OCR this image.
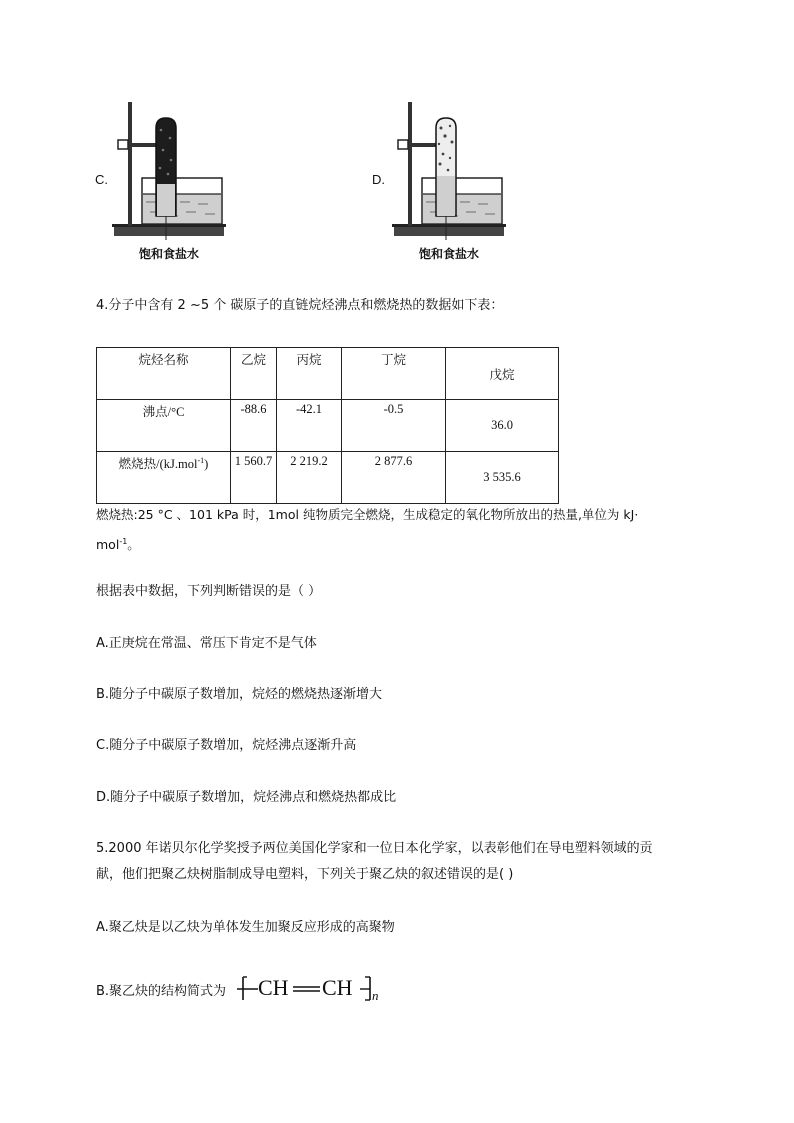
C.
饱和食盐水
D.
饱和食盐水
4.分子中含有 2 ~5 个 碳原子的直链烷烃沸点和燃烧热的数据如下表：
烷烃名称	乙烷	丙烷	丁烷	戊烷

沸点/°C	-88.6	-42.1	-0.5	36.0

燃烧热/(kJ.mol$^{-1}$)	1 560.7	2 219.2	2 877.6	3 535.6
燃烧热:25 °C 、101 kPa 时，1mol 纯物质完全燃烧，生成稳定的氧化物所放出的热量,单位为 kJ·
mol$^{-1}$。
根据表中数据，下列判断错误的是（ ）
A.正庚烷在常温、常压下肯定不是气体
B.随分子中碳原子数增加，烷烃的燃烧热逐渐增大
C.随分子中碳原子数增加，烷烃沸点逐渐升高
D.随分子中碳原子数增加，烷烃沸点和燃烧热都成比
5.2000 年诺贝尔化学奖授予两位美国化学家和一位日本化学家，以表彰他们在导电塑料领域的贡
献，他们把聚乙炔树脂制成导电塑料，下列关于聚乙炔的叙述错误的是( )
A.聚乙炔是以乙炔为单体发生加聚反应形成的高聚物
B.聚乙炔的结构简式为 CH CH n
